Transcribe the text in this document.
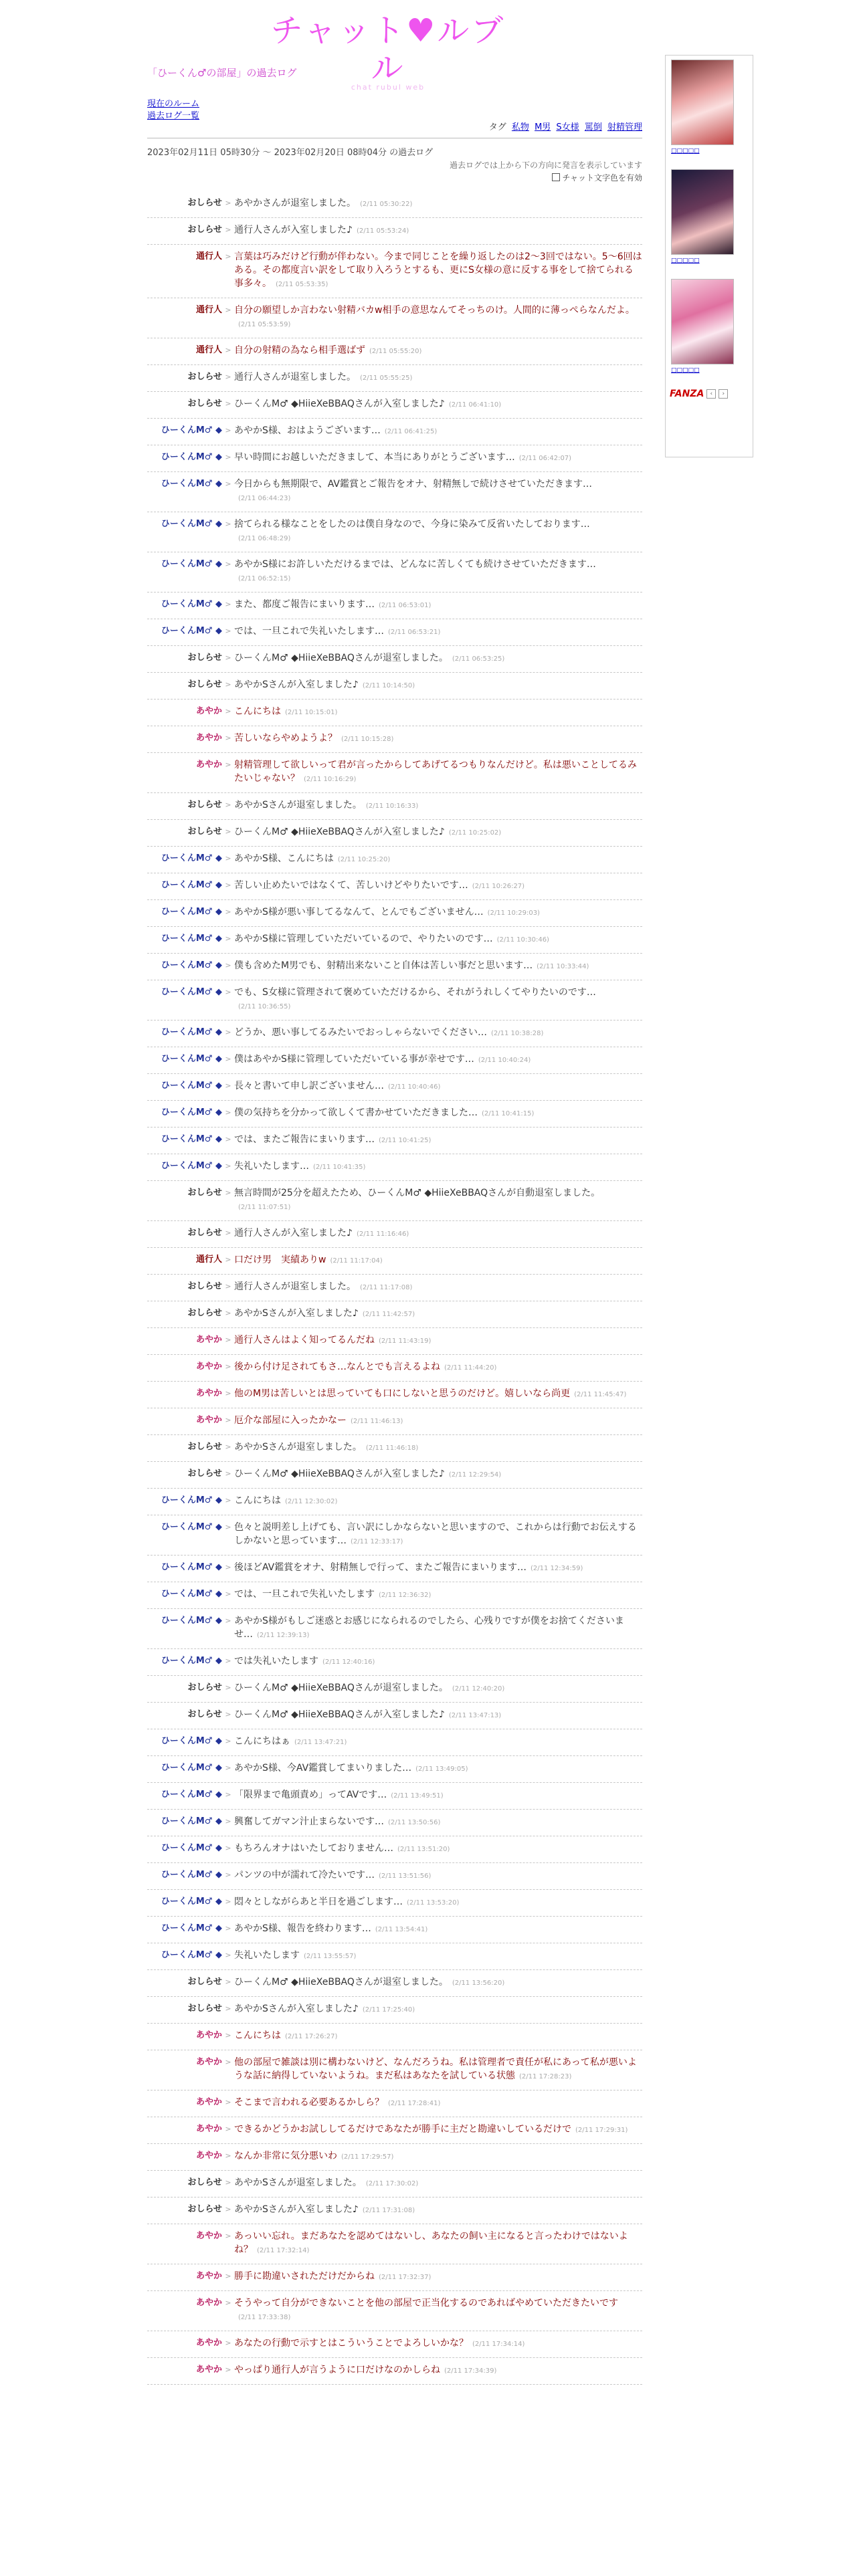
チャット♥ルブル
chat rubul web
「ひーくん♂の部屋」の過去ログ
現在のルーム
過去ログ一覧
タグ 私物 M男 S女様 罵倒 射精管理
2023年02月11日 05時30分 ～ 2023年02月20日 08時04分 の過去ログ
過去ログでは上から下の方向に発言を表示しています
チャット文字色を有効
おしらせ > あやかさんが退室しました。 (2/11 05:30:22)
おしらせ > 通行人さんが入室しました♪ (2/11 05:53:24)
通行人 > 言葉は巧みだけど行動が伴わない。今まで同じことを繰り返したのは2～3回ではない。5～6回はある。その都度言い訳をして取り入ろうとするも、更にS女様の意に反する事をして捨てられる事多々。 (2/11 05:53:35)
通行人 > 自分の願望しか言わない射精バカw相手の意思なんてそっちのけ。人間的に薄っぺらなんだよ。(2/11 05:53:59)
通行人 > 自分の射精の為なら相手選ばず (2/11 05:55:20)
おしらせ > 通行人さんが退室しました。 (2/11 05:55:25)
おしらせ > ひーくんM♂ ◆HiieXeBBAQさんが入室しました♪ (2/11 06:41:10)
ひーくんM♂ ◆ > あやかS様、おはようございます… (2/11 06:41:25)
ひーくんM♂ ◆ > 早い時間にお越しいただきまして、本当にありがとうございます… (2/11 06:42:07)
ひーくんM♂ ◆ > 今日からも無期限で、AV鑑賞とご報告をオナ、射精無しで続けさせていただきます…(2/11 06:44:23)
ひーくんM♂ ◆ > 捨てられる様なことをしたのは僕自身なので、今身に染みて反省いたしております…(2/11 06:48:29)
ひーくんM♂ ◆ > あやかS様にお許しいただけるまでは、どんなに苦しくても続けさせていただきます…(2/11 06:52:15)
ひーくんM♂ ◆ > また、都度ご報告にまいります… (2/11 06:53:01)
ひーくんM♂ ◆ > では、一旦これで失礼いたします… (2/11 06:53:21)
おしらせ > ひーくんM♂ ◆HiieXeBBAQさんが退室しました。 (2/11 06:53:25)
おしらせ > あやかSさんが入室しました♪ (2/11 10:14:50)
あやか > こんにちは (2/11 10:15:01)
あやか > 苦しいならやめようよ？ (2/11 10:15:28)
あやか > 射精管理して欲しいって君が言ったからしてあげてるつもりなんだけど。私は悪いことしてるみたいじゃない？ (2/11 10:16:29)
おしらせ > あやかSさんが退室しました。 (2/11 10:16:33)
おしらせ > ひーくんM♂ ◆HiieXeBBAQさんが入室しました♪ (2/11 10:25:02)
ひーくんM♂ ◆ > あやかS様、こんにちは (2/11 10:25:20)
ひーくんM♂ ◆ > 苦しい止めたいではなくて、苦しいけどやりたいです… (2/11 10:26:27)
ひーくんM♂ ◆ > あやかS様が悪い事してるなんて、とんでもございません… (2/11 10:29:03)
ひーくんM♂ ◆ > あやかS様に管理していただいているので、やりたいのです… (2/11 10:30:46)
ひーくんM♂ ◆ > 僕も含めたM男でも、射精出来ないこと自体は苦しい事だと思います… (2/11 10:33:44)
ひーくんM♂ ◆ > でも、S女様に管理されて褒めていただけるから、それがうれしくてやりたいのです…(2/11 10:36:55)
ひーくんM♂ ◆ > どうか、悪い事してるみたいでおっしゃらないでください… (2/11 10:38:28)
ひーくんM♂ ◆ > 僕はあやかS様に管理していただいている事が幸せです… (2/11 10:40:24)
ひーくんM♂ ◆ > 長々と書いて申し訳ございません… (2/11 10:40:46)
ひーくんM♂ ◆ > 僕の気持ちを分かって欲しくて書かせていただきました… (2/11 10:41:15)
ひーくんM♂ ◆ > では、またご報告にまいります… (2/11 10:41:25)
ひーくんM♂ ◆ > 失礼いたします… (2/11 10:41:35)
おしらせ > 無言時間が25分を超えたため、ひーくんM♂ ◆HiieXeBBAQさんが自動退室しました。(2/11 11:07:51)
おしらせ > 通行人さんが入室しました♪ (2/11 11:16:46)
通行人 > 口だけ男　実績ありw (2/11 11:17:04)
おしらせ > 通行人さんが退室しました。 (2/11 11:17:08)
おしらせ > あやかSさんが入室しました♪ (2/11 11:42:57)
あやか > 通行人さんはよく知ってるんだね (2/11 11:43:19)
あやか > 後から付け足されてもさ…なんとでも言えるよね (2/11 11:44:20)
あやか > 他のM男は苦しいとは思っていても口にしないと思うのだけど。嬉しいなら尚更 (2/11 11:45:47)
あやか > 厄介な部屋に入ったかなー (2/11 11:46:13)
おしらせ > あやかSさんが退室しました。 (2/11 11:46:18)
おしらせ > ひーくんM♂ ◆HiieXeBBAQさんが入室しました♪ (2/11 12:29:54)
ひーくんM♂ ◆ > こんにちは (2/11 12:30:02)
ひーくんM♂ ◆ > 色々と説明差し上げても、言い訳にしかならないと思いますので、これからは行動でお伝えするしかないと思っています… (2/11 12:33:17)
ひーくんM♂ ◆ > 後ほどAV鑑賞をオナ、射精無しで行って、またご報告にまいります… (2/11 12:34:59)
ひーくんM♂ ◆ > では、一旦これで失礼いたします (2/11 12:36:32)
ひーくんM♂ ◆ > あやかS様がもしご迷惑とお感じになられるのでしたら、心残りですが僕をお捨てくださいませ… (2/11 12:39:13)
ひーくんM♂ ◆ > では失礼いたします (2/11 12:40:16)
おしらせ > ひーくんM♂ ◆HiieXeBBAQさんが退室しました。 (2/11 12:40:20)
おしらせ > ひーくんM♂ ◆HiieXeBBAQさんが入室しました♪ (2/11 13:47:13)
ひーくんM♂ ◆ > こんにちはぁ (2/11 13:47:21)
ひーくんM♂ ◆ > あやかS様、今AV鑑賞してまいりました… (2/11 13:49:05)
ひーくんM♂ ◆ > 「限界まで亀頭責め」ってAVです… (2/11 13:49:51)
ひーくんM♂ ◆ > 興奮してガマン汁止まらないです… (2/11 13:50:56)
ひーくんM♂ ◆ > もちろんオナはいたしておりません… (2/11 13:51:20)
ひーくんM♂ ◆ > パンツの中が濡れて冷たいです… (2/11 13:51:56)
ひーくんM♂ ◆ > 悶々としながらあと半日を過ごします… (2/11 13:53:20)
ひーくんM♂ ◆ > あやかS様、報告を終わります… (2/11 13:54:41)
ひーくんM♂ ◆ > 失礼いたします (2/11 13:55:57)
おしらせ > ひーくんM♂ ◆HiieXeBBAQさんが退室しました。 (2/11 13:56:20)
おしらせ > あやかSさんが入室しました♪ (2/11 17:25:40)
あやか > こんにちは (2/11 17:26:27)
あやか > 他の部屋で雑談は別に構わないけど、なんだろうね。私は管理者で責任が私にあって私が悪いような話に納得していないようね。まだ私はあなたを試している状態 (2/11 17:28:23)
あやか > そこまで言われる必要あるかしら？ (2/11 17:28:41)
あやか > できるかどうかお試ししてるだけであなたが勝手に主だと勘違いしているだけで (2/11 17:29:31)
あやか > なんか非常に気分悪いわ (2/11 17:29:57)
おしらせ > あやかSさんが退室しました。 (2/11 17:30:02)
おしらせ > あやかSさんが入室しました♪ (2/11 17:31:08)
あやか > あっいい忘れ。まだあなたを認めてはないし、あなたの飼い主になると言ったわけではないよね？ (2/11 17:32:14)
あやか > 勝手に勘違いされただけだからね (2/11 17:32:37)
あやか > そうやって自分ができないことを他の部屋で正当化するのであればやめていただきたいです(2/11 17:33:38)
あやか > あなたの行動で示すとはこういうことでよろしいかな？ (2/11 17:34:14)
あやか > やっぱり通行人が言うように口だけなのかしらね (2/11 17:34:39)
□□□□□
□□□□□
□□□□□
FANZA	‹	›
